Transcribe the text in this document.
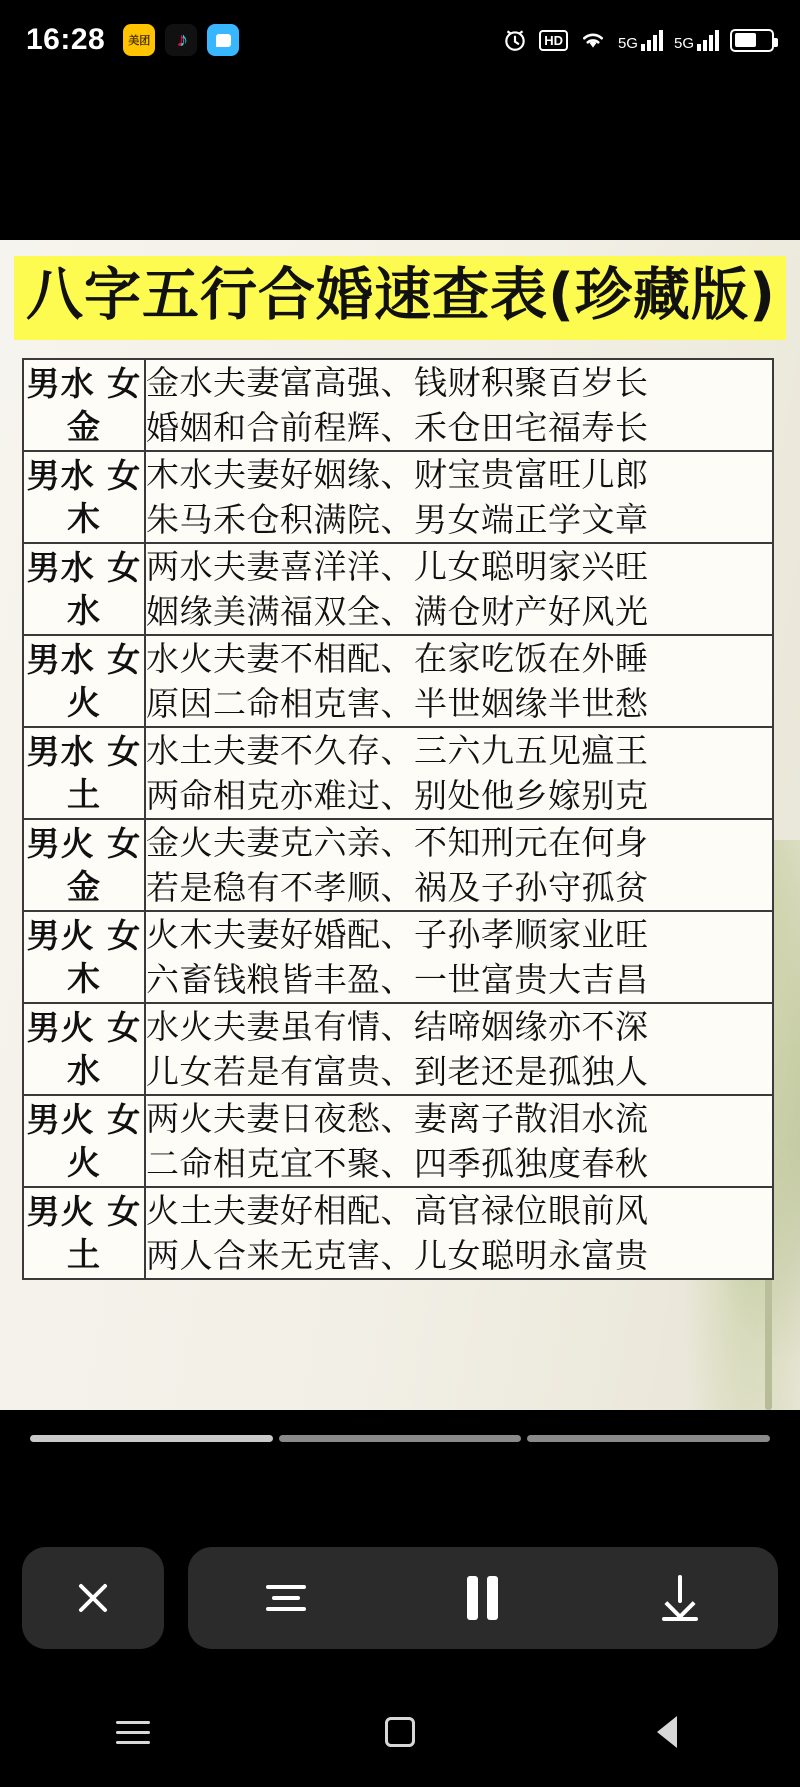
16:28	美团 ♪	HD	5G 5G
八字五行合婚速查表(珍藏版)
男水 女金	金水夫妻富高强、钱财积聚百岁长
婚姻和合前程辉、禾仓田宅福寿长

男水 女木	木水夫妻好姻缘、财宝贵富旺儿郎
朱马禾仓积满院、男女端正学文章

男水 女水	两水夫妻喜洋洋、儿女聪明家兴旺
姻缘美满福双全、满仓财产好风光

男水 女火	水火夫妻不相配、在家吃饭在外睡
原因二命相克害、半世姻缘半世愁

男水 女土	水土夫妻不久存、三六九五见瘟王
两命相克亦难过、别处他乡嫁别克

男火 女金	金火夫妻克六亲、不知刑元在何身
若是稳有不孝顺、祸及子孙守孤贫

男火 女木	火木夫妻好婚配、子孙孝顺家业旺
六畜钱粮皆丰盈、一世富贵大吉昌

男火 女水	水火夫妻虽有情、结啼姻缘亦不深
儿女若是有富贵、到老还是孤独人

男火 女火	两火夫妻日夜愁、妻离子散泪水流
二命相克宜不聚、四季孤独度春秋

男火 女土	火土夫妻好相配、高官禄位眼前风
两人合来无克害、儿女聪明永富贵
